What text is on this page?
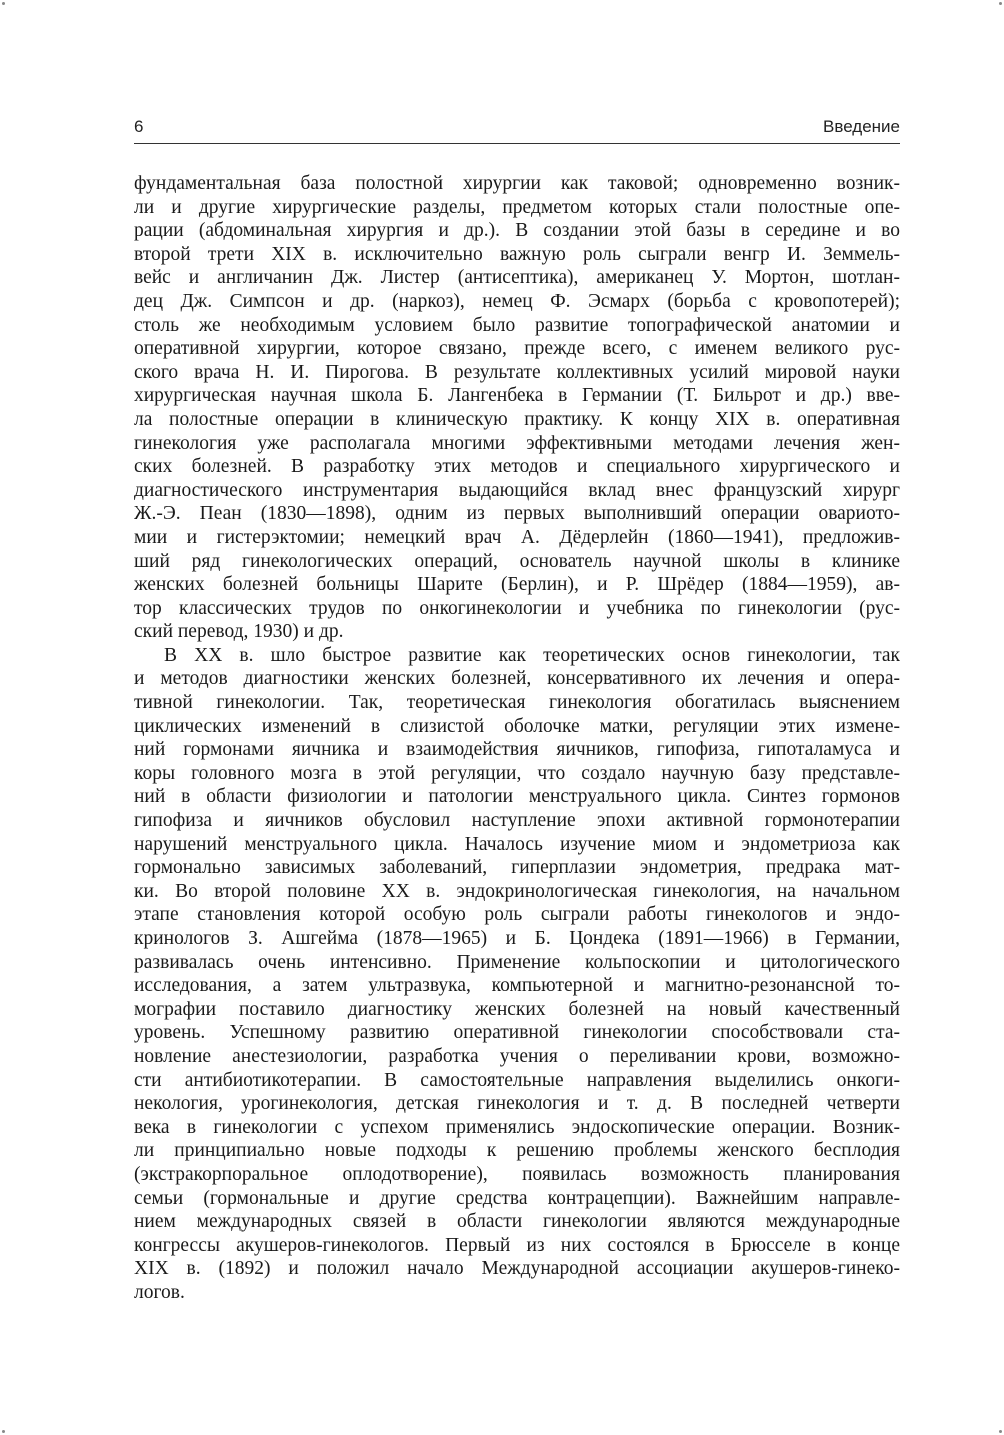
6	Введение
фундаментальная база полостной хирургии как таковой; одновременно возник-
ли и другие хирургические разделы, предметом которых стали полостные опе-
рации (абдоминальная хирургия и др.). В создании этой базы в середине и во
второй трети XIX в. исключительно важную роль сыграли венгр И. Земмель-
вейс и англичанин Дж. Листер (антисептика), американец У. Мортон, шотлан-
дец Дж. Симпсон и др. (наркоз), немец Ф. Эсмарх (борьба с кровопотерей);
столь же необходимым условием было развитие топографической анатомии и
оперативной хирургии, которое связано, прежде всего, с именем великого рус-
ского врача Н. И. Пирогова. В результате коллективных усилий мировой науки
хирургическая научная школа Б. Лангенбека в Германии (Т. Бильрот и др.) вве-
ла полостные операции в клиническую практику. К концу XIX в. оперативная
гинекология уже располагала многими эффективными методами лечения жен-
ских болезней. В разработку этих методов и специального хирургического и
диагностического инструментария выдающийся вклад внес французский хирург
Ж.-Э. Пеан (1830—1898), одним из первых выполнивший операции овариото-
мии и гистерэктомии; немецкий врач А. Дёдерлейн (1860—1941), предложив-
ший ряд гинекологических операций, основатель научной школы в клинике
женских болезней больницы Шарите (Берлин), и Р. Шрёдер (1884—1959), ав-
тор классических трудов по онкогинекологии и учебника по гинекологии (рус-
ский перевод, 1930) и др.
В XX в. шло быстрое развитие как теоретических основ гинекологии, так
и методов диагностики женских болезней, консервативного их лечения и опера-
тивной гинекологии. Так, теоретическая гинекология обогатилась выяснением
циклических изменений в слизистой оболочке матки, регуляции этих измене-
ний гормонами яичника и взаимодействия яичников, гипофиза, гипоталамуса и
коры головного мозга в этой регуляции, что создало научную базу представле-
ний в области физиологии и патологии менструального цикла. Синтез гормонов
гипофиза и яичников обусловил наступление эпохи активной гормонотерапии
нарушений менструального цикла. Началось изучение миом и эндометриоза как
гормонально зависимых заболеваний, гиперплазии эндометрия, предрака мат-
ки. Во второй половине XX в. эндокринологическая гинекология, на начальном
этапе становления которой особую роль сыграли работы гинекологов и эндо-
кринологов З. Ашгейма (1878—1965) и Б. Цондека (1891—1966) в Германии,
развивалась очень интенсивно. Применение кольпоскопии и цитологического
исследования, а затем ультразвука, компьютерной и магнитно-резонансной то-
мографии поставило диагностику женских болезней на новый качественный
уровень. Успешному развитию оперативной гинекологии способствовали ста-
новление анестезиологии, разработка учения о переливании крови, возможно-
сти антибиотикотерапии. В самостоятельные направления выделились онкоги-
некология, урогинекология, детская гинекология и т. д. В последней четверти
века в гинекологии с успехом применялись эндоскопические операции. Возник-
ли принципиально новые подходы к решению проблемы женского бесплодия
(экстракорпоральное оплодотворение), появилась возможность планирования
семьи (гормональные и другие средства контрацепции). Важнейшим направле-
нием международных связей в области гинекологии являются международные
конгрессы акушеров-гинекологов. Первый из них состоялся в Брюсселе в конце
XIX в. (1892) и положил начало Международной ассоциации акушеров-гинеко-
логов.
